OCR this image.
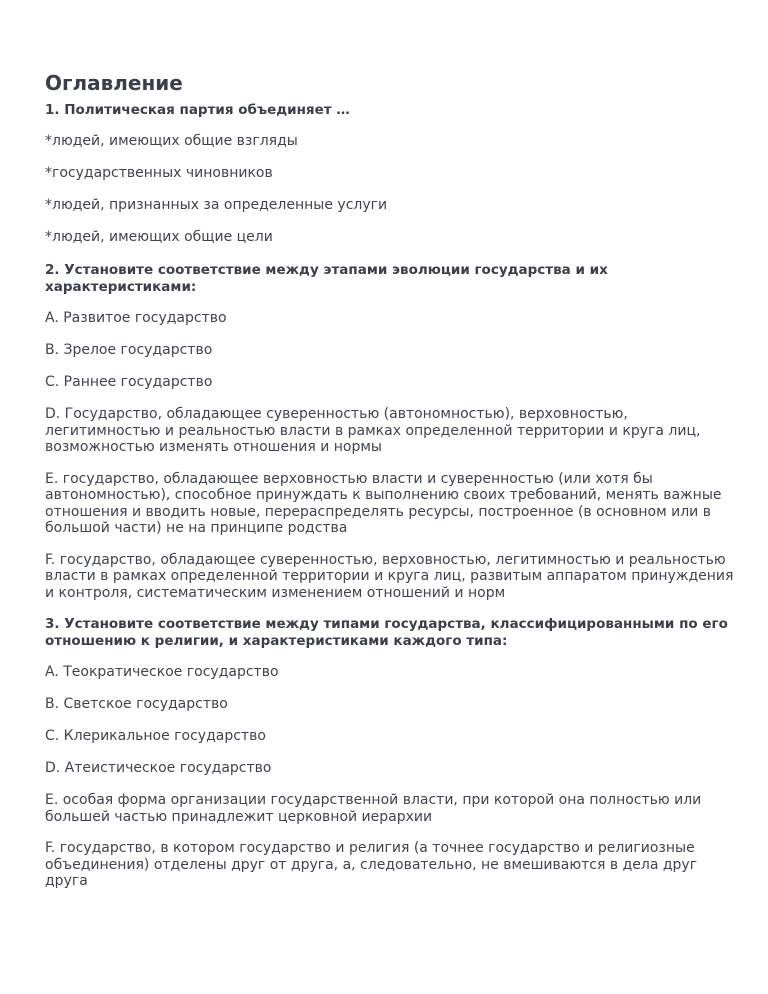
Оглавление
1. Политическая партия объединяет …
*людей, имеющих общие взгляды
*государственных чиновников
*людей, признанных за определенные услуги
*людей, имеющих общие цели
2. Установите соответствие между этапами эволюции государства и их характеристиками:
A. Развитое государство
B. Зрелое государство
C. Раннее государство
D. Государство, обладающее суверенностью (автономностью), верховностью, легитимностью и реальностью власти в рамках определенной территории и круга лиц, возможностью изменять отношения и нормы
E. государство, обладающее верховностью власти и суверенностью (или хотя бы автономностью), способное принуждать к выполнению своих требований, менять важные отношения и вводить новые, перераспределять ресурсы, построенное (в основном или в большой части) не на принципе родства
F. государство, обладающее суверенностью, верховностью, легитимностью и реальностью власти в рамках определенной территории и круга лиц, развитым аппаратом принуждения и контроля, систематическим изменением отношений и норм
3. Установите соответствие между типами государства, классифицированными по его отношению к религии, и характеристиками каждого типа:
A. Теократическое государство
B. Светское государство
C. Клерикальное государство
D. Атеистическое государство
E. особая форма организации государственной власти, при которой она полностью или большей частью принадлежит церковной иерархии
F. государство, в котором государство и религия (а точнее государство и религиозные объединения) отделены друг от друга, а, следовательно, не вмешиваются в дела друг друга
